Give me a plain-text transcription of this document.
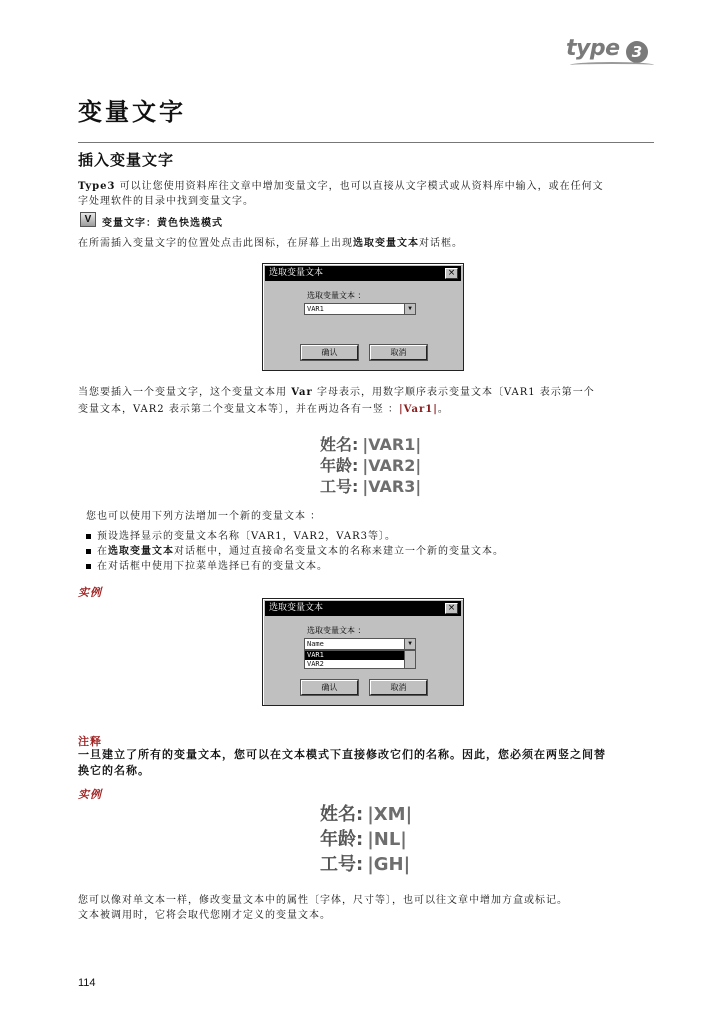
type 3
变量文字
插入变量文字
Type3 可以让您使用资料库往文章中增加变量文字，也可以直接从文字模式或从资料库中输入，或在任何文
字处理软件的目录中找到变量文字。
V	变量文字：黄色快选模式
在所需插入变量文字的位置处点击此图标，在屏幕上出现选取变量文本对话框。
选取变量文本	×
选取变量文本 ：
VAR1	▼
确认	取消
当您要插入一个变量文字，这个变量文本用 Var 字母表示，用数字顺序表示变量文本〔VAR1 表示第一个
变量文本，VAR2 表示第二个变量文本等〕，并在两边各有一竖 ：|Var1|。
姓名: |VAR1|
年龄: |VAR2|
工号: |VAR3|
您也可以使用下列方法增加一个新的变量文本 ：
预设选择显示的变量文本名称〔VAR1，VAR2，VAR3等〕。
在 选取变量文本 对话框中，通过直接命名变量文本的名称来建立一个新的变量文本。
在对话框中使用下拉菜单选择已有的变量文本。
实例
选取变量文本	×
选取变量文本 ：
Name	▼
VAR1
VAR2
确认	取消
注释
一旦建立了所有的变量文本，您可以在文本模式下直接修改它们的名称。因此，您必须在两竖之间替
换它的名称。
实例
姓名: |XM|
年龄: |NL|
工号: |GH|
您可以像对单文本一样，修改变量文本中的属性〔字体，尺寸等〕，也可以往文章中增加方盒或标记。
文本被调用时，它将会取代您刚才定义的变量文本。
114
